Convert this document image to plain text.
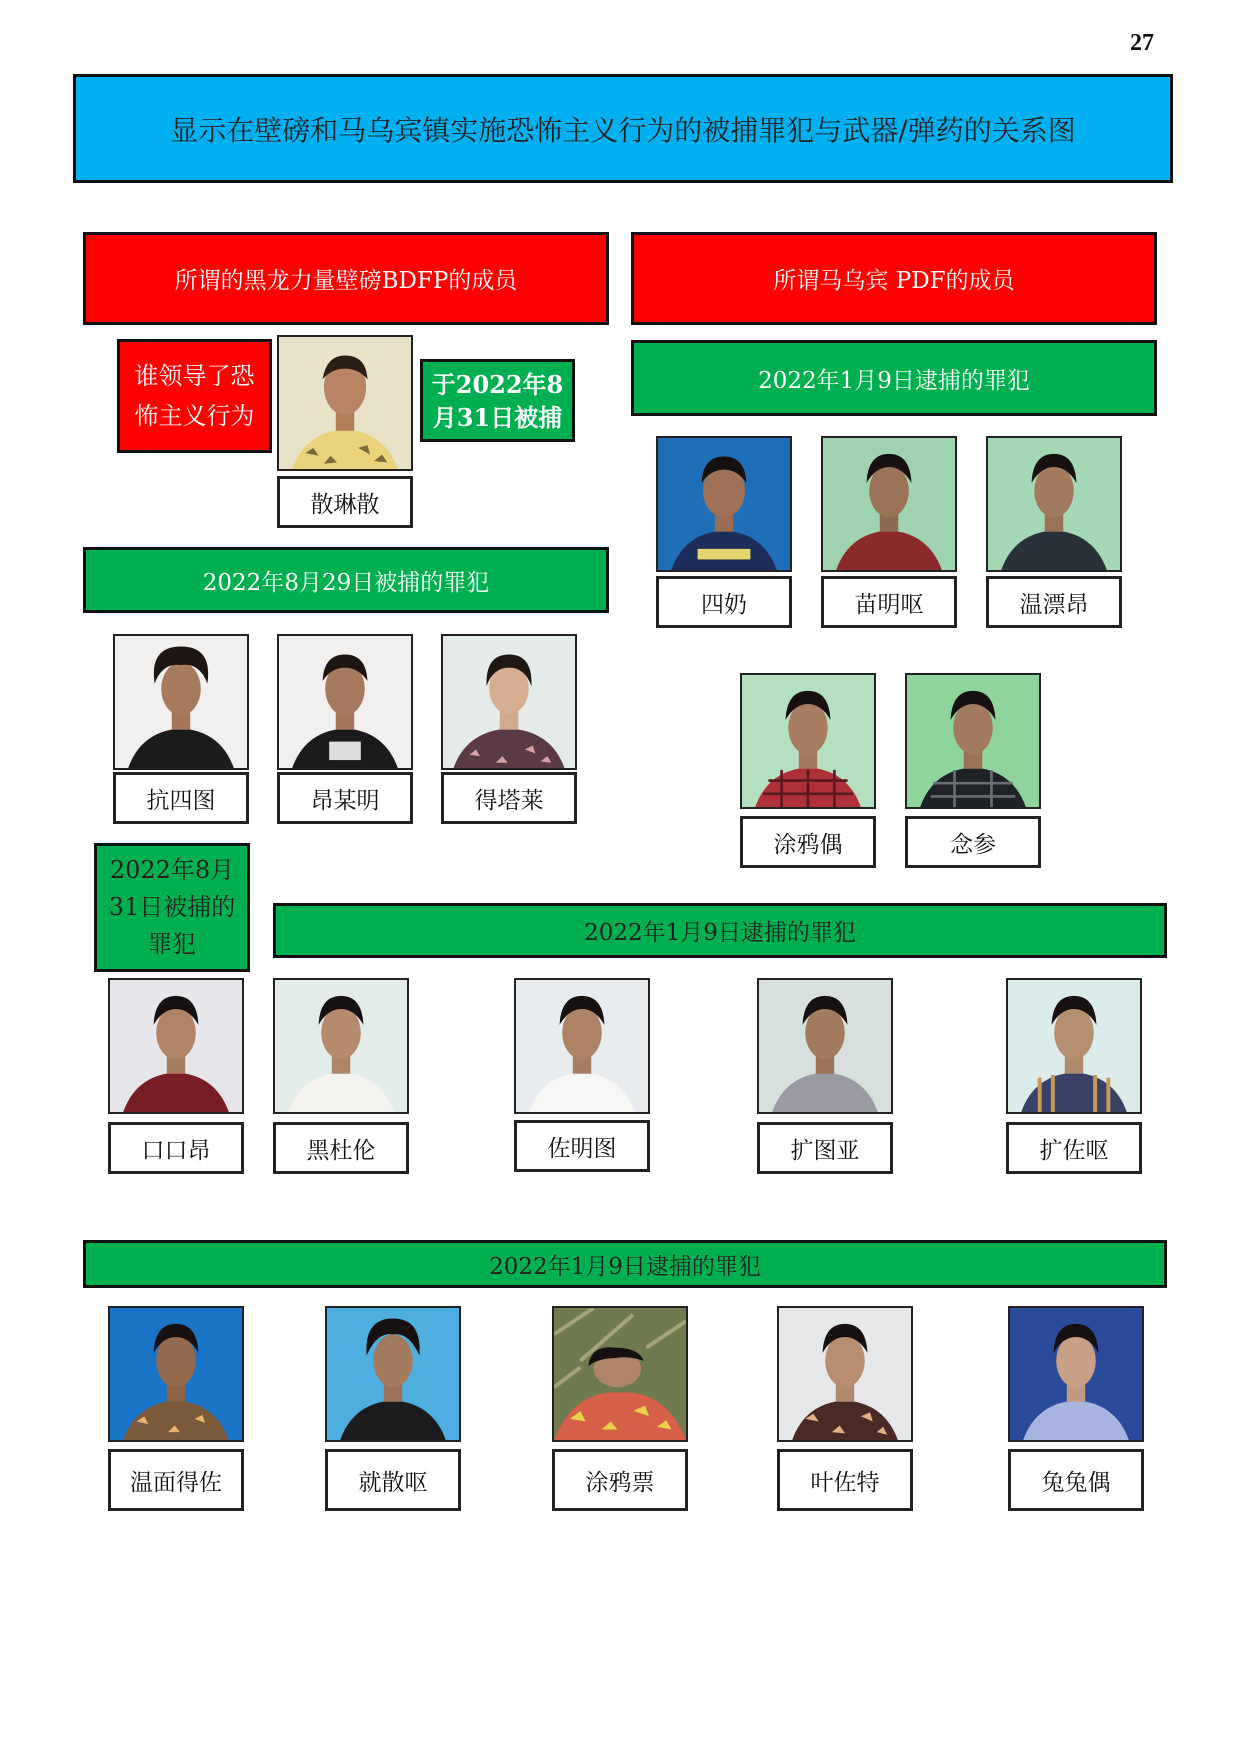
27
显示在壁磅和马乌宾镇实施恐怖主义行为的被捕罪犯与武器/弹药的关系图
所谓的黑龙力量壁磅BDFP的成员	所谓马乌宾 PDF的成员
谁领导了恐
怖主义行为
于2022年8
月31日被捕
散琳散
2022年8月29日被捕的罪犯
抗四图	昂某明	得塔莱
2022年1月9日逮捕的罪犯
四奶	苗明呕	温漂昂
涂鸦偶	念参
2022年8月
31日被捕的
罪犯	2022年1月9日逮捕的罪犯
口口昂	黑杜伦	佐明图	扩图亚	扩佐呕
2022年1月9日逮捕的罪犯
温面得佐	就散呕	涂鸦票	叶佐特	兔兔偶
